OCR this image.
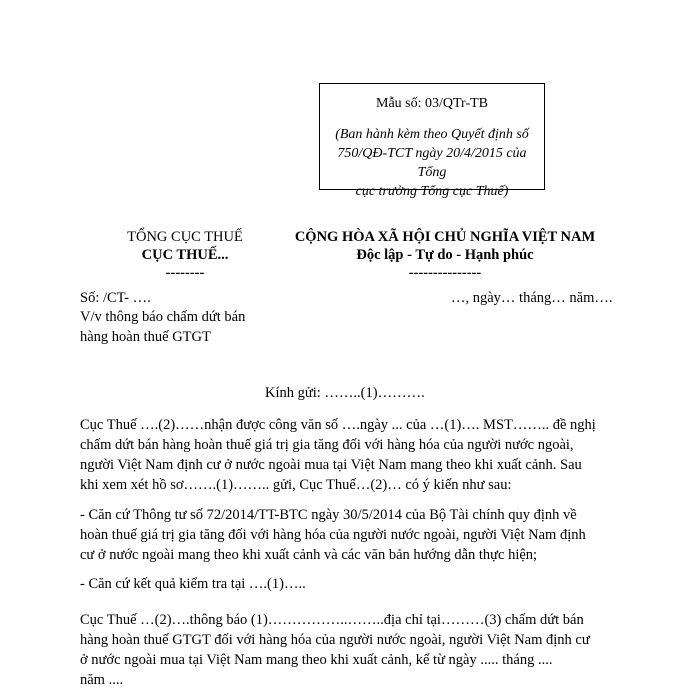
Mẫu số: 03/QTr-TB
(Ban hành kèm theo Quyết định số
750/QĐ-TCT ngày 20/4/2015 của Tổng
cục trưởng Tổng cục Thuế)
TỔNG CỤC THUẾ
CỤC THUẾ...
--------
CỘNG HÒA XÃ HỘI CHỦ NGHĨA VIỆT NAM
Độc lập - Tự do - Hạnh phúc
---------------
Số: /CT- ….	…, ngày… tháng… năm….
V/v thông báo chấm dứt bán
hàng hoàn thuế GTGT
Kính gửi: ……..(1)……….
Cục Thuế ….(2)……nhận được công văn số ….ngày ... của …(1)…. MST…….. đề nghị
chấm dứt bán hàng hoàn thuế giá trị gia tăng đối với hàng hóa của người nước ngoài,
người Việt Nam định cư ở nước ngoài mua tại Việt Nam mang theo khi xuất cảnh. Sau
khi xem xét hồ sơ…….(1)…….. gửi, Cục Thuế…(2)… có ý kiến như sau:
- Căn cứ Thông tư số 72/2014/TT-BTC ngày 30/5/2014 của Bộ Tài chính quy định về
hoàn thuế giá trị gia tăng đối với hàng hóa của người nước ngoài, người Việt Nam định
cư ở nước ngoài mang theo khi xuất cảnh và các văn bản hướng dẫn thực hiện;
- Căn cứ kết quả kiểm tra tại ….(1)…..
Cục Thuế …(2)….thông báo (1)……………..……..địa chỉ tại………(3) chấm dứt bán
hàng hoàn thuế GTGT đối với hàng hóa của người nước ngoài, người Việt Nam định cư
ở nước ngoài mua tại Việt Nam mang theo khi xuất cảnh, kể từ ngày ..... tháng ....
năm ....
